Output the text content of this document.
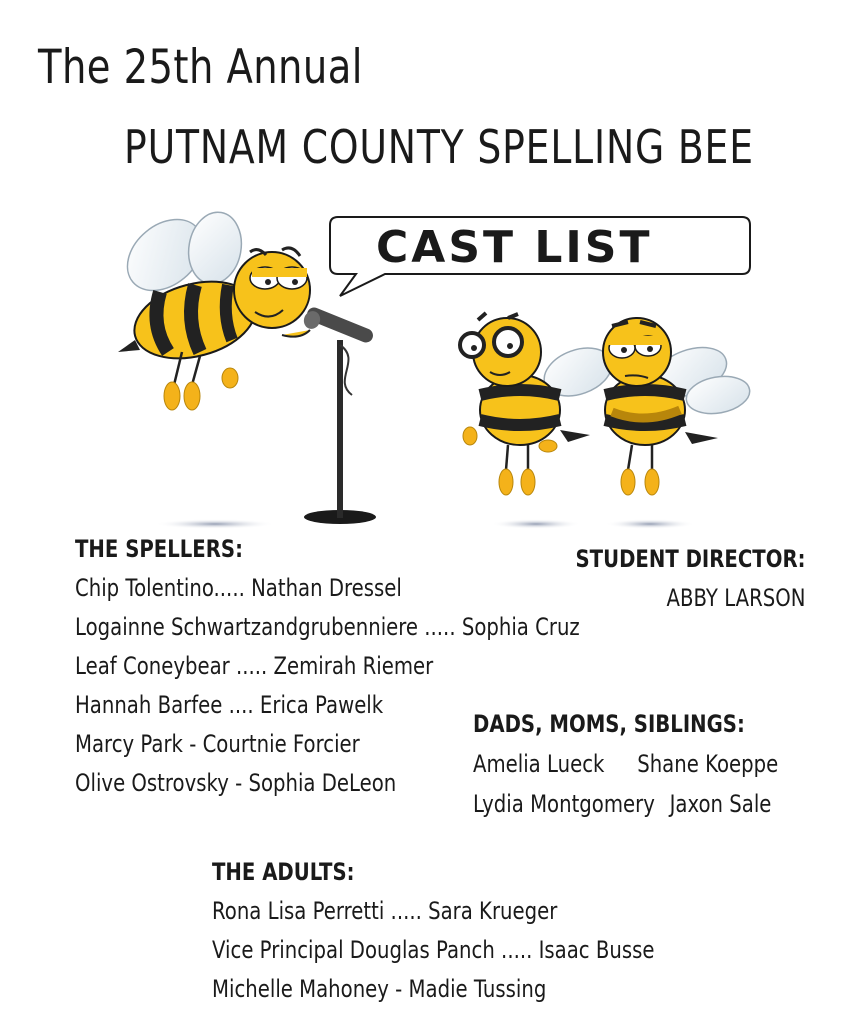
The 25th Annual
PUTNAM COUNTY SPELLING BEE
CAST LIST
THE SPELLERS:
Chip Tolentino..... Nathan Dressel
Logainne Schwartzandgrubenniere ..... Sophia Cruz
Leaf Coneybear ..... Zemirah Riemer
Hannah Barfee .... Erica Pawelk
Marcy Park - Courtnie Forcier
Olive Ostrovsky - Sophia DeLeon
STUDENT DIRECTOR:
ABBY LARSON
DADS, MOMS, SIBLINGS:
Amelia Lueck Shane Koeppe
Lydia Montgomery Jaxon Sale
THE ADULTS:
Rona Lisa Perretti ..... Sara Krueger
Vice Principal Douglas Panch ..... Isaac Busse
Michelle Mahoney - Madie Tussing
